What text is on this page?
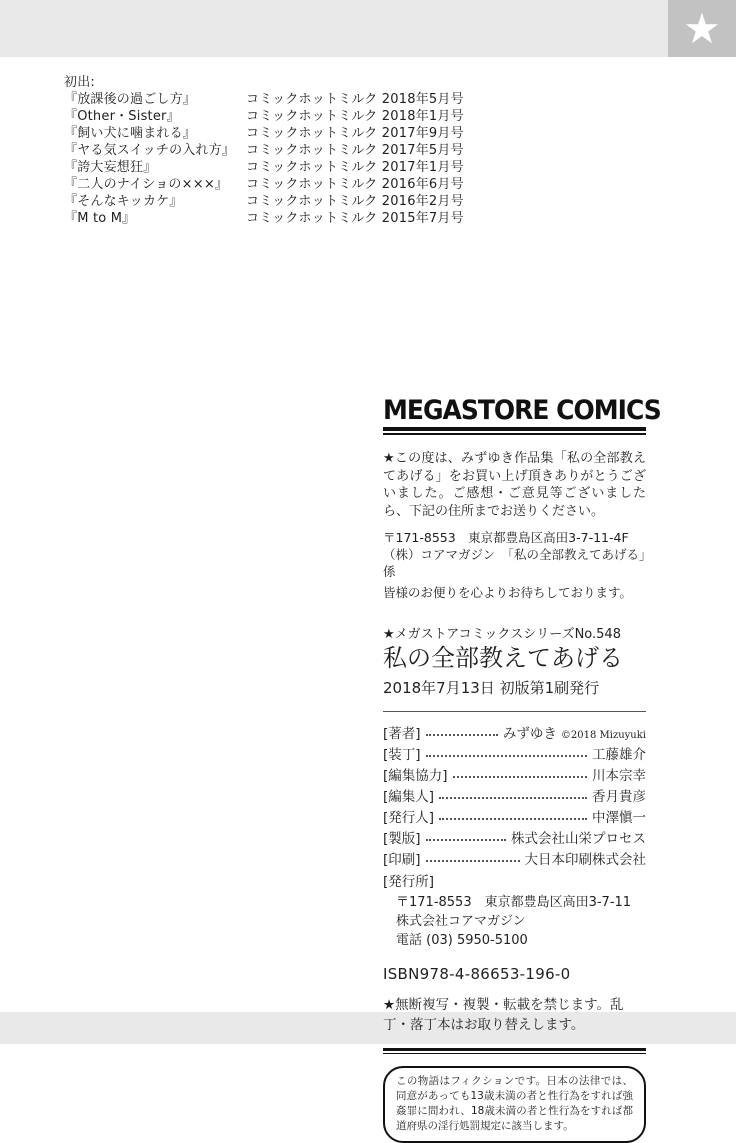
★
初出:
『放課後の過ごし方』	コミックホットミルク 2018年5月号
『Other・Sister』	コミックホットミルク 2018年1月号
『飼い犬に噛まれる』	コミックホットミルク 2017年9月号
『ヤる気スイッチの入れ方』 コミックホットミルク 2017年5月号
『誇大妄想狂』	コミックホットミルク 2017年1月号
『二人のナイショの×××』	コミックホットミルク 2016年6月号
『そんなキッカケ』	コミックホットミルク 2016年2月号
『M to M』	コミックホットミルク 2015年7月号
MEGASTORE COMICS
★この度は、みずゆき作品集「私の全部教えてあげる」をお買い上げ頂きありがとうございました。ご感想・ご意見等ございましたら、下記の住所までお送りください。
〒171-8553　東京都豊島区高田3-7-11-4F
（株）コアマガジン　「私の全部教えてあげる」係
皆様のお便りを心よりお待ちしております。
★メガストアコミックスシリーズNo.548
私の全部教えてあげる
2018年7月13日 初版第1刷発行
[著者]	みずゆき ©2018 Mizuyuki
[装丁]	工藤雄介
[編集協力]	川本宗幸
[編集人]	香月貴彦
[発行人]	中澤愼一
[製版]	株式会社山栄プロセス
[印刷]	大日本印刷株式会社
[発行所]
〒171-8553　東京都豊島区高田3-7-11
株式会社コアマガジン
電話 (03) 5950-5100
ISBN978-4-86653-196-0
★無断複写・複製・転載を禁じます。乱丁・落丁本はお取り替えします。
この物語はフィクションです。日本の法律では、同意があっても13歳未満の者と性行為をすれば強姦罪に問われ、18歳未満の者と性行為をすれば都道府県の淫行処罰規定に該当します。
